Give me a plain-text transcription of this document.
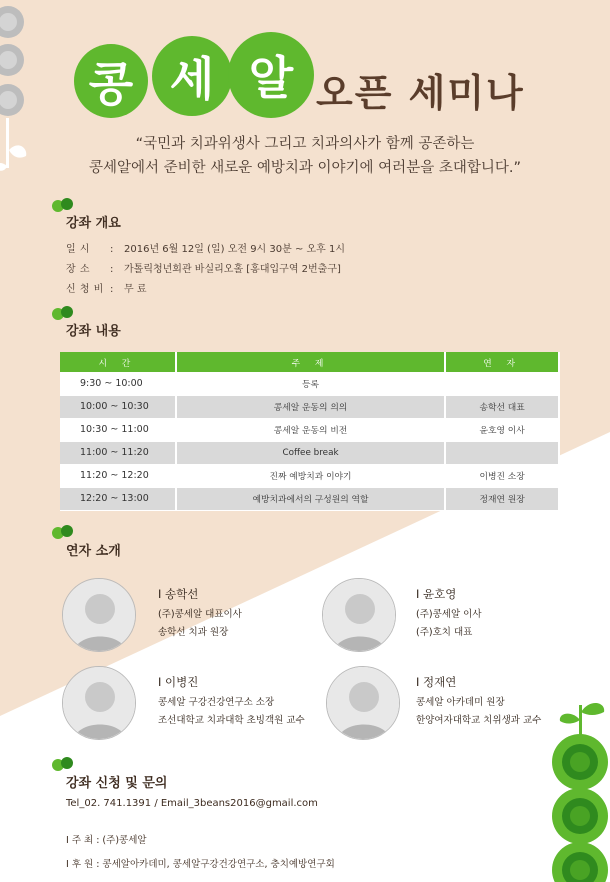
콩 세 알 오픈 세미나
“국민과 치과위생사 그리고 치과의사가 함께 공존하는
콩세알에서 준비한 새로운 예방치과 이야기에 여러분을 초대합니다.”
강좌 개요
일 시 : 2016년 6월 12일 (일) 오전 9시 30분 ~ 오후 1시
장 소 : 가톨릭청년회관 바실리오홀 [홍대입구역 2번출구]
신 청 비 : 무 료
강좌 내용
시 간	주 제	연 자
9:30 ~ 10:00	등록	
10:00 ~ 10:30	콩세알 운동의 의의	송학선 대표
10:30 ~ 11:00	콩세알 운동의 비전	윤호영 이사
11:00 ~ 11:20	Coffee break	
11:20 ~ 12:20	진짜 예방치과 이야기	이병진 소장
12:20 ~ 13:00	예방치과에서의 구성원의 역할	정재연 원장
연자 소개
I 송학선
(주)콩세알 대표이사
송학선 치과 원장
I 윤호영
(주)콩세알 이사
(주)호치 대표
I 이병진
콩세알 구강건강연구소 소장
조선대학교 치과대학 초빙객원 교수
I 정재연
콩세알 아카데미 원장
한양여자대학교 치위생과 교수
강좌 신청 및 문의
Tel_02. 741.1391 / Email_3beans2016@gmail.com
I 주 최 : (주)콩세알
I 후 원 : 콩세알아카데미, 콩세알구강건강연구소, 충치예방연구회
